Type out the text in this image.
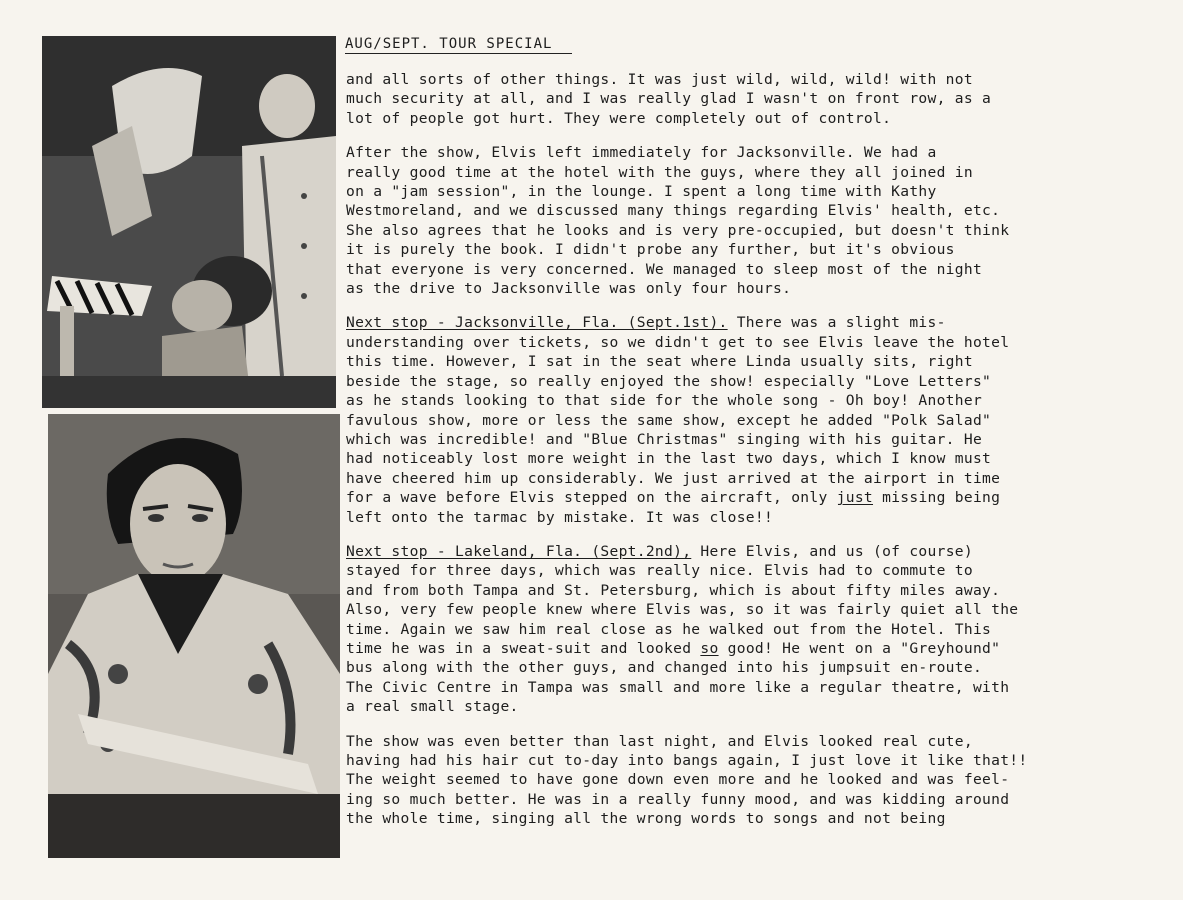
AUG/SEPT. TOUR SPECIAL

and all sorts of other things. It was just wild, wild, wild! with not

much security at all, and I was really glad I wasn't on front row, as a

lot of people got hurt. They were completely out of control.

After the show, Elvis left immediately for Jacksonville. We had a

really good time at the hotel with the guys, where they all joined in

on a "jam session", in the lounge. I spent a long time with Kathy

Westmoreland, and we discussed many things regarding Elvis' health, etc.

She also agrees that he looks and is very pre-occupied, but doesn't think

it is purely the book. I didn't probe any further, but it's obvious

that everyone is very concerned. We managed to sleep most of the night

as the drive to Jacksonville was only four hours.

Next stop - Jacksonville, Fla. (Sept.1st). There was a slight mis-

understanding over tickets, so we didn't get to see Elvis leave the hotel

this time. However, I sat in the seat where Linda usually sits, right

beside the stage, so really enjoyed the show! especially "Love Letters"

as he stands looking to that side for the whole song - Oh boy! Another

favulous show, more or less the same show, except he added "Polk Salad"

which was incredible! and "Blue Christmas" singing with his guitar. He

had noticeably lost more weight in the last two days, which I know must

have cheered him up considerably. We just arrived at the airport in time

for a wave before Elvis stepped on the aircraft, only just missing being

left onto the tarmac by mistake. It was close!!

Next stop - Lakeland, Fla. (Sept.2nd), Here Elvis, and us (of course)

stayed for three days, which was really nice. Elvis had to commute to

and from both Tampa and St. Petersburg, which is about fifty miles away.

Also, very few people knew where Elvis was, so it was fairly quiet all the

time. Again we saw him real close as he walked out from the Hotel. This

time he was in a sweat-suit and looked so good! He went on a "Greyhound"

bus along with the other guys, and changed into his jumpsuit en-route.

The Civic Centre in Tampa was small and more like a regular theatre, with

a real small stage.

The show was even better than last night, and Elvis looked real cute,

having had his hair cut to-day into bangs again, I just love it like that!!

The weight seemed to have gone down even more and he looked and was feel-

ing so much better. He was in a really funny mood, and was kidding around

the whole time, singing all the wrong words to songs and not being
